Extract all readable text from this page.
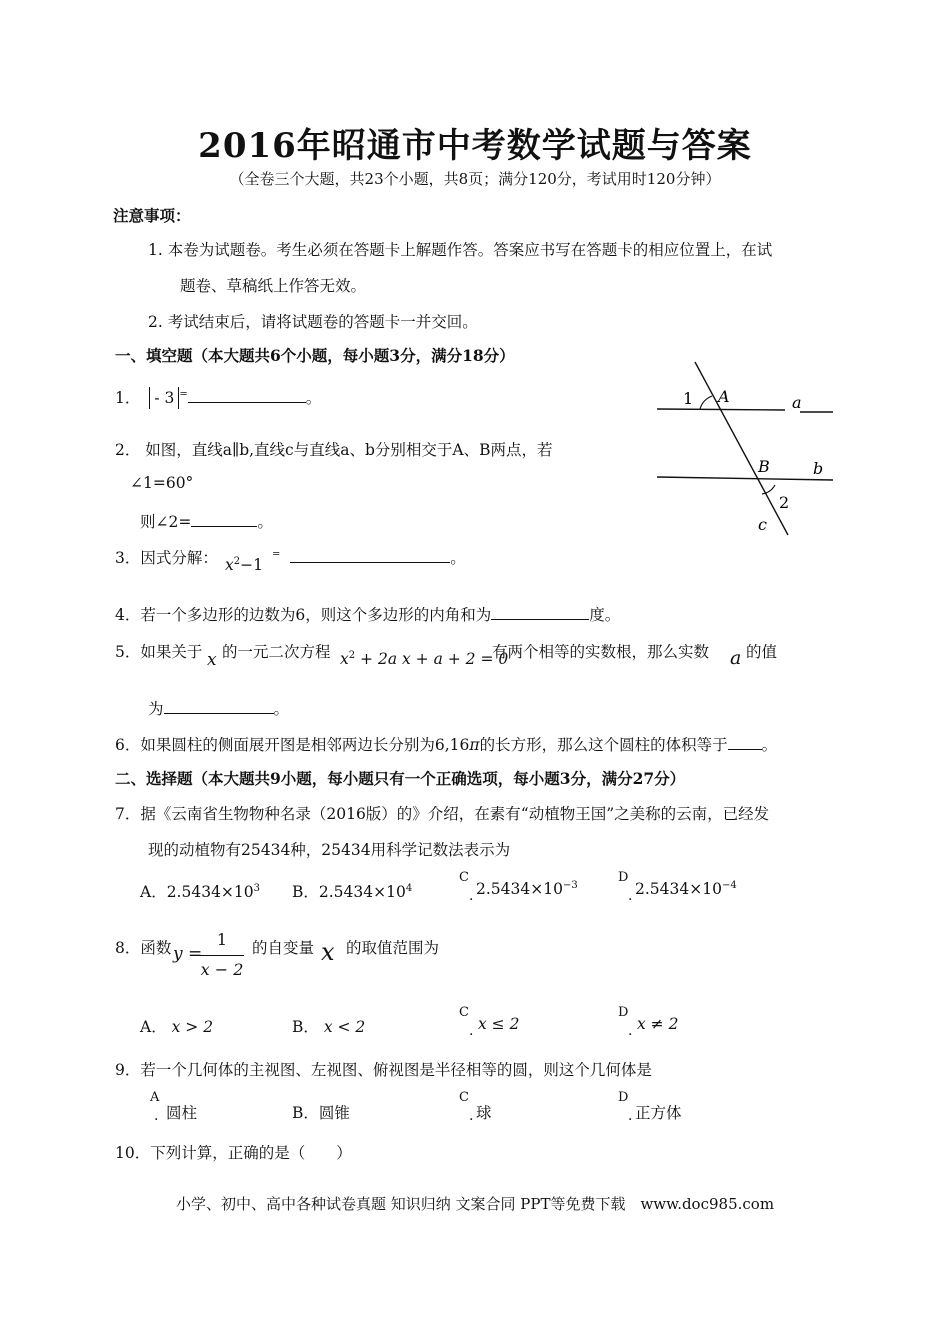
2016年昭通市中考数学试题与答案
（全卷三个大题，共23个小题，共8页；满分120分，考试用时120分钟）
注意事项：
1. 本卷为试题卷。考生必须在答题卡上解题作答。答案应书写在答题卡的相应位置上，在试
题卷、草稿纸上作答无效。
2. 考试结束后，请将试题卷的答题卡一并交回。
一、填空题（本大题共6个小题，每小题3分，满分18分）
1． - 3 =	。
2． 如图，直线a∥b,直线c与直线a、b分别相交于A、B两点，若
∠1=60°
则∠2=	。
1 A	a
B	b
2
c
3．因式分解： $x^2-1$
=	。
4．若一个多边形的边数为6，则这个多边形的内角和为	度。
5．如果关于 x 的一元二次方程 $x^2 + 2a$ x + a + 2 = 0
有两个相等的实数根，那么实数 a 的值
为	。
6．如果圆柱的侧面展开图是相邻两边长分别为6,16π的长方形，那么这个圆柱的体积等于 。
二、选择题（本大题共9小题，每小题只有一个正确选项，每小题3分，满分27分）
7．据《云南省生物物种名录（2016版）的》介绍，在素有“动植物王国”之美称的云南，已经发
现的动植物有25434种，25434用科学记数法表示为
A．$2.5434\times 10^3$ B．$2.5434\times 10^4$
C
. $2.5434\times 10^{-3}$
D
. $2.5434\times 10^{-4}$
8．函数 y =
1
x − 2
的自变量 x 的取值范围为
A． x > 2	B． x < 2
C
. x ≤ 2
D
. x ≠ 2
9．若一个几何体的主视图、左视图、俯视图是半径相等的圆，则这个几何体是
A
. 圆柱	B．圆锥
C
. 球
D
. 正方体
10．下列计算，正确的是（　　）
小学、初中、高中各种试卷真题 知识归纳 文案合同 PPT等免费下载　www.doc985.com
